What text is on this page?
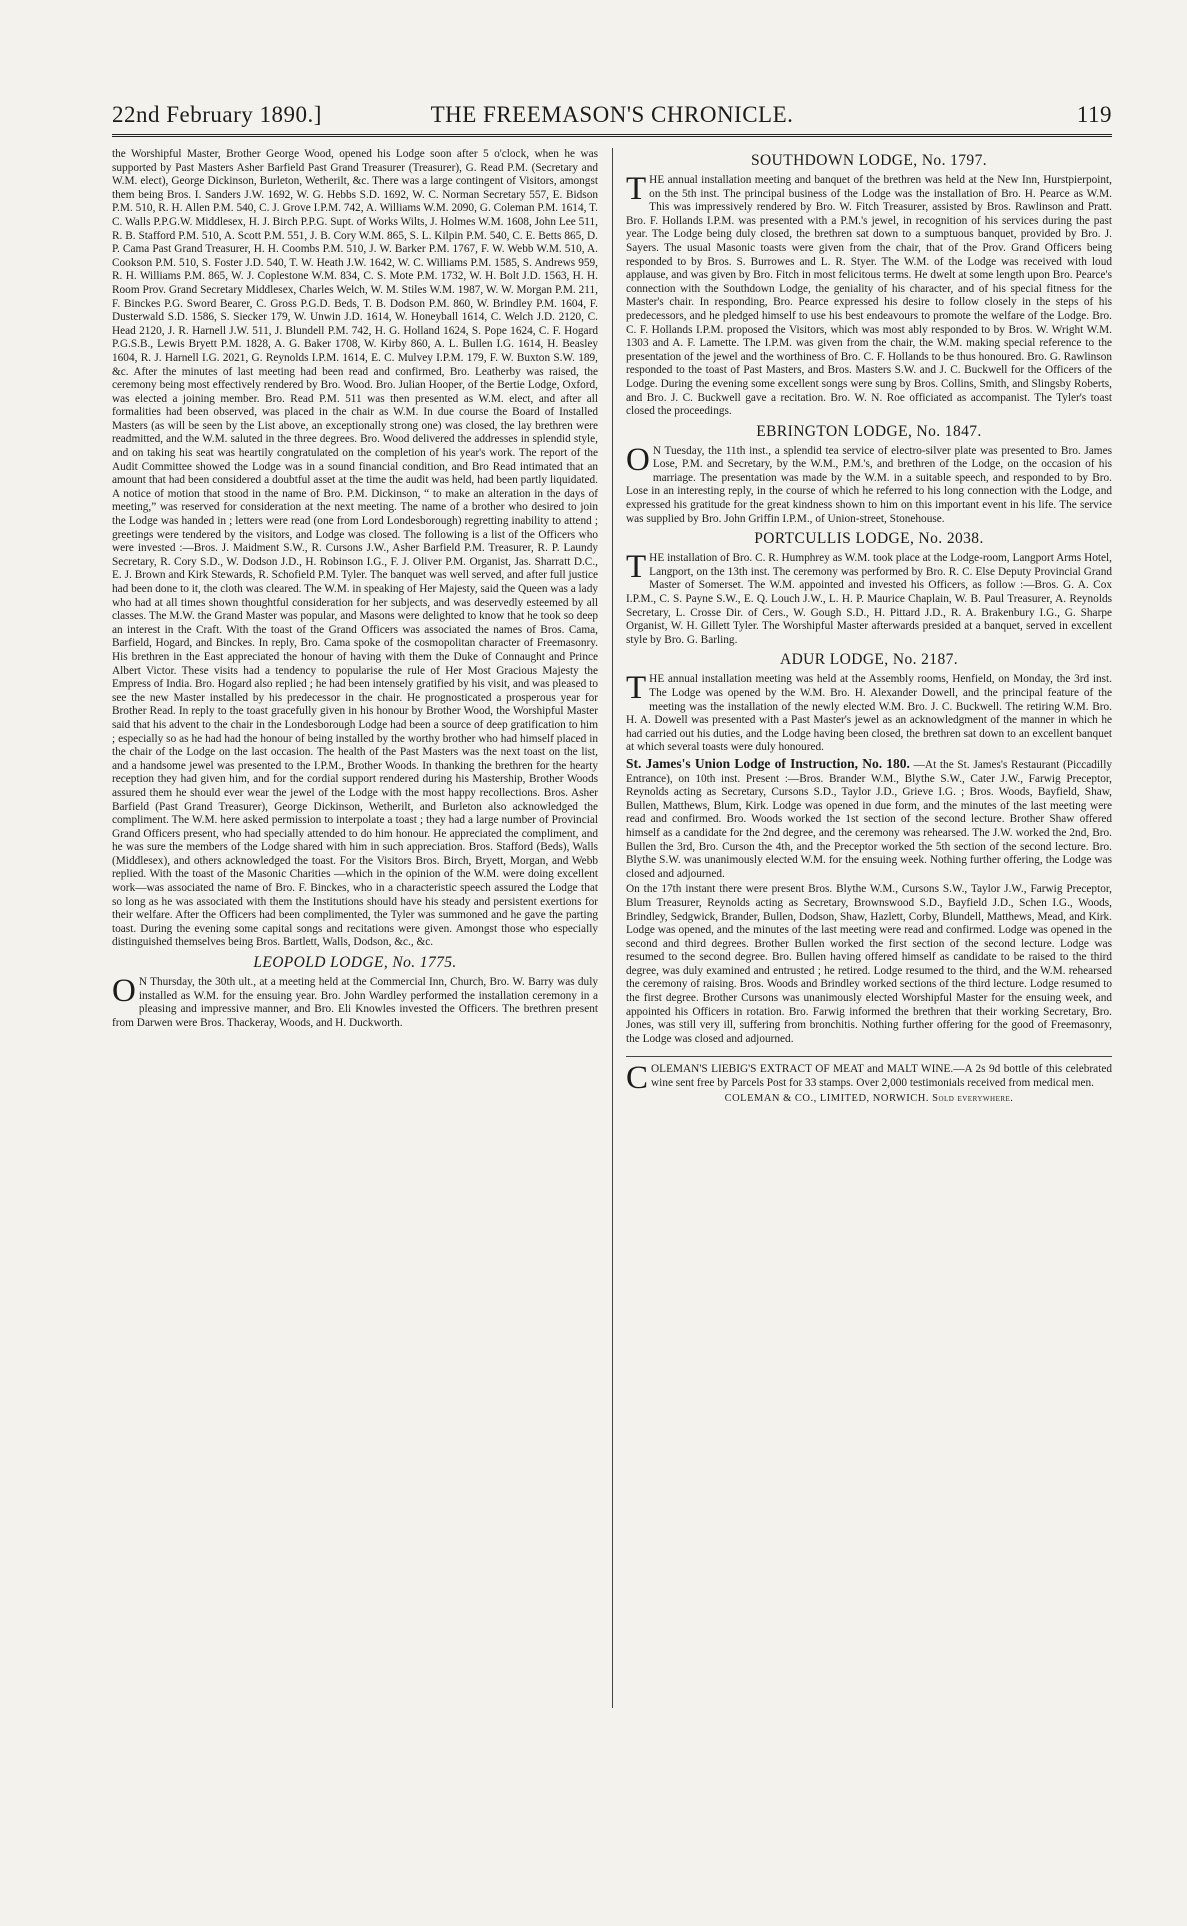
22nd February 1890.]	THE FREEMASON'S CHRONICLE.	119

the Worshipful Master, Brother George Wood, opened his Lodge soon after 5 o'clock, when he was supported by Past Masters Asher Barfield Past Grand Treasurer (Treasurer), G. Read P.M. (Secretary and W.M. elect), George Dickinson, Burleton, Wetherilt, &c. There was a large contingent of Visitors, amongst them being Bros. I. Sanders J.W. 1692, W. G. Hebbs S.D. 1692, W. C. Norman Secretary 557, E. Bidson P.M. 510, R. H. Allen P.M. 540, C. J. Grove I.P.M. 742, A. Williams W.M. 2090, G. Coleman P.M. 1614, T. C. Walls P.P.G.W. Middlesex, H. J. Birch P.P.G. Supt. of Works Wilts, J. Holmes W.M. 1608, John Lee 511, R. B. Stafford P.M. 510, A. Scott P.M. 551, J. B. Cory W.M. 865, S. L. Kilpin P.M. 540, C. E. Betts 865, D. P. Cama Past Grand Treasurer, H. H. Coombs P.M. 510, J. W. Barker P.M. 1767, F. W. Webb W.M. 510, A. Cookson P.M. 510, S. Foster J.D. 540, T. W. Heath J.W. 1642, W. C. Williams P.M. 1585, S. Andrews 959, R. H. Williams P.M. 865, W. J. Coplestone W.M. 834, C. S. Mote P.M. 1732, W. H. Bolt J.D. 1563, H. H. Room Prov. Grand Secretary Middlesex, Charles Welch, W. M. Stiles W.M. 1987, W. W. Morgan P.M. 211, F. Binckes P.G. Sword Bearer, C. Gross P.G.D. Beds, T. B. Dodson P.M. 860, W. Brindley P.M. 1604, F. Dusterwald S.D. 1586, S. Siecker 179, W. Unwin J.D. 1614, W. Honeyball 1614, C. Welch J.D. 2120, C. Head 2120, J. R. Harnell J.W. 511, J. Blundell P.M. 742, H. G. Holland 1624, S. Pope 1624, C. F. Hogard P.G.S.B., Lewis Bryett P.M. 1828, A. G. Baker 1708, W. Kirby 860, A. L. Bullen I.G. 1614, H. Beasley 1604, R. J. Harnell I.G. 2021, G. Reynolds I.P.M. 1614, E. C. Mulvey I.P.M. 179, F. W. Buxton S.W. 189, &c. After the minutes of last meeting had been read and confirmed, Bro. Leatherby was raised, the ceremony being most effectively rendered by Bro. Wood. Bro. Julian Hooper, of the Bertie Lodge, Oxford, was elected a joining member. Bro. Read P.M. 511 was then presented as W.M. elect, and after all formalities had been observed, was placed in the chair as W.M. In due course the Board of Installed Masters (as will be seen by the List above, an exceptionally strong one) was closed, the lay brethren were readmitted, and the W.M. saluted in the three degrees. Bro. Wood delivered the addresses in splendid style, and on taking his seat was heartily congratulated on the completion of his year's work. The report of the Audit Committee showed the Lodge was in a sound financial condition, and Bro Read intimated that an amount that had been considered a doubtful asset at the time the audit was held, had been partly liquidated. A notice of motion that stood in the name of Bro. P.M. Dickinson, “ to make an alteration in the days of meeting,” was reserved for consideration at the next meeting. The name of a brother who desired to join the Lodge was handed in ; letters were read (one from Lord Londesborough) regretting inability to attend ; greetings were tendered by the visitors, and Lodge was closed. The following is a list of the Officers who were invested :—Bros. J. Maidment S.W., R. Cursons J.W., Asher Barfield P.M. Treasurer, R. P. Laundy Secretary, R. Cory S.D., W. Dodson J.D., H. Robinson I.G., F. J. Oliver P.M. Organist, Jas. Sharratt D.C., E. J. Brown and Kirk Stewards, R. Schofield P.M. Tyler. The banquet was well served, and after full justice had been done to it, the cloth was cleared. The W.M. in speaking of Her Majesty, said the Queen was a lady who had at all times shown thoughtful consideration for her subjects, and was deservedly esteemed by all classes. The M.W. the Grand Master was popular, and Masons were delighted to know that he took so deep an interest in the Craft. With the toast of the Grand Officers was associated the names of Bros. Cama, Barfield, Hogard, and Binckes. In reply, Bro. Cama spoke of the cosmopolitan character of Freemasonry. His brethren in the East appreciated the honour of having with them the Duke of Connaught and Prince Albert Victor. These visits had a tendency to popularise the rule of Her Most Gracious Majesty the Empress of India. Bro. Hogard also replied ; he had been intensely gratified by his visit, and was pleased to see the new Master installed by his predecessor in the chair. He prognosticated a prosperous year for Brother Read. In reply to the toast gracefully given in his honour by Brother Wood, the Worshipful Master said that his advent to the chair in the Londesborough Lodge had been a source of deep gratification to him ; especially so as he had had the honour of being installed by the worthy brother who had himself placed in the chair of the Lodge on the last occasion. The health of the Past Masters was the next toast on the list, and a handsome jewel was presented to the I.P.M., Brother Woods. In thanking the brethren for the hearty reception they had given him, and for the cordial support rendered during his Mastership, Brother Woods assured them he should ever wear the jewel of the Lodge with the most happy recollections. Bros. Asher Barfield (Past Grand Treasurer), George Dickinson, Wetherilt, and Burleton also acknowledged the compliment. The W.M. here asked permission to interpolate a toast ; they had a large number of Provincial Grand Officers present, who had specially attended to do him honour. He appreciated the compliment, and he was sure the members of the Lodge shared with him in such appreciation. Bros. Stafford (Beds), Walls (Middlesex), and others acknowledged the toast. For the Visitors Bros. Birch, Bryett, Morgan, and Webb replied. With the toast of the Masonic Charities —which in the opinion of the W.M. were doing excellent work—was associated the name of Bro. F. Binckes, who in a characteristic speech assured the Lodge that so long as he was associated with them the Institutions should have his steady and persistent exertions for their welfare. After the Officers had been complimented, the Tyler was summoned and he gave the parting toast. During the evening some capital songs and recitations were given. Amongst those who especially distinguished themselves being Bros. Bartlett, Walls, Dodson, &c., &c.

LEOPOLD LODGE, No. 1775.

ON Thursday, the 30th ult., at a meeting held at the Commercial Inn, Church, Bro. W. Barry was duly installed as W.M. for the ensuing year. Bro. John Wardley performed the installation ceremony in a pleasing and impressive manner, and Bro. Eli Knowles invested the Officers. The brethren present from Darwen were Bros. Thackeray, Woods, and H. Duckworth.

SOUTHDOWN LODGE, No. 1797.

THE annual installation meeting and banquet of the brethren was held at the New Inn, Hurstpierpoint, on the 5th inst. The principal business of the Lodge was the installation of Bro. H. Pearce as W.M. This was impressively rendered by Bro. W. Fitch Treasurer, assisted by Bros. Rawlinson and Pratt. Bro. F. Hollands I.P.M. was presented with a P.M.'s jewel, in recognition of his services during the past year. The Lodge being duly closed, the brethren sat down to a sumptuous banquet, provided by Bro. J. Sayers. The usual Masonic toasts were given from the chair, that of the Prov. Grand Officers being responded to by Bros. S. Burrowes and L. R. Styer. The W.M. of the Lodge was received with loud applause, and was given by Bro. Fitch in most felicitous terms. He dwelt at some length upon Bro. Pearce's connection with the Southdown Lodge, the geniality of his character, and of his special fitness for the Master's chair. In responding, Bro. Pearce expressed his desire to follow closely in the steps of his predecessors, and he pledged himself to use his best endeavours to promote the welfare of the Lodge. Bro. C. F. Hollands I.P.M. proposed the Visitors, which was most ably responded to by Bros. W. Wright W.M. 1303 and A. F. Lamette. The I.P.M. was given from the chair, the W.M. making special reference to the presentation of the jewel and the worthiness of Bro. C. F. Hollands to be thus honoured. Bro. G. Rawlinson responded to the toast of Past Masters, and Bros. Masters S.W. and J. C. Buckwell for the Officers of the Lodge. During the evening some excellent songs were sung by Bros. Collins, Smith, and Slingsby Roberts, and Bro. J. C. Buckwell gave a recitation. Bro. W. N. Roe officiated as accompanist. The Tyler's toast closed the proceedings.

EBRINGTON LODGE, No. 1847.

ON Tuesday, the 11th inst., a splendid tea service of electro-silver plate was presented to Bro. James Lose, P.M. and Secretary, by the W.M., P.M.'s, and brethren of the Lodge, on the occasion of his marriage. The presentation was made by the W.M. in a suitable speech, and responded to by Bro. Lose in an interesting reply, in the course of which he referred to his long connection with the Lodge, and expressed his gratitude for the great kindness shown to him on this important event in his life. The service was supplied by Bro. John Griffin I.P.M., of Union-street, Stonehouse.

PORTCULLIS LODGE, No. 2038.

THE installation of Bro. C. R. Humphrey as W.M. took place at the Lodge-room, Langport Arms Hotel, Langport, on the 13th inst. The ceremony was performed by Bro. R. C. Else Deputy Provincial Grand Master of Somerset. The W.M. appointed and invested his Officers, as follow :—Bros. G. A. Cox I.P.M., C. S. Payne S.W., E. Q. Louch J.W., L. H. P. Maurice Chaplain, W. B. Paul Treasurer, A. Reynolds Secretary, L. Crosse Dir. of Cers., W. Gough S.D., H. Pittard J.D., R. A. Brakenbury I.G., G. Sharpe Organist, W. H. Gillett Tyler. The Worshipful Master afterwards presided at a banquet, served in excellent style by Bro. G. Barling.

ADUR LODGE, No. 2187.

THE annual installation meeting was held at the Assembly rooms, Henfield, on Monday, the 3rd inst. The Lodge was opened by the W.M. Bro. H. Alexander Dowell, and the principal feature of the meeting was the installation of the newly elected W.M. Bro. J. C. Buckwell. The retiring W.M. Bro. H. A. Dowell was presented with a Past Master's jewel as an acknowledgment of the manner in which he had carried out his duties, and the Lodge having been closed, the brethren sat down to an excellent banquet at which several toasts were duly honoured.

St. James's Union Lodge of Instruction, No. 180. —At the St. James's Restaurant (Piccadilly Entrance), on 10th inst. Present :—Bros. Brander W.M., Blythe S.W., Cater J.W., Farwig Preceptor, Reynolds acting as Secretary, Cursons S.D., Taylor J.D., Grieve I.G. ; Bros. Woods, Bayfield, Shaw, Bullen, Matthews, Blum, Kirk. Lodge was opened in due form, and the minutes of the last meeting were read and confirmed. Bro. Woods worked the 1st section of the second lecture. Brother Shaw offered himself as a candidate for the 2nd degree, and the ceremony was rehearsed. The J.W. worked the 2nd, Bro. Bullen the 3rd, Bro. Curson the 4th, and the Preceptor worked the 5th section of the second lecture. Bro. Blythe S.W. was unanimously elected W.M. for the ensuing week. Nothing further offering, the Lodge was closed and adjourned.

On the 17th instant there were present Bros. Blythe W.M., Cursons S.W., Taylor J.W., Farwig Preceptor, Blum Treasurer, Reynolds acting as Secretary, Brownswood S.D., Bayfield J.D., Schen I.G., Woods, Brindley, Sedgwick, Brander, Bullen, Dodson, Shaw, Hazlett, Corby, Blundell, Matthews, Mead, and Kirk. Lodge was opened, and the minutes of the last meeting were read and confirmed. Lodge was opened in the second and third degrees. Brother Bullen worked the first section of the second lecture. Lodge was resumed to the second degree. Bro. Bullen having offered himself as candidate to be raised to the third degree, was duly examined and entrusted ; he retired. Lodge resumed to the third, and the W.M. rehearsed the ceremony of raising. Bros. Woods and Brindley worked sections of the third lecture. Lodge resumed to the first degree. Brother Cursons was unanimously elected Worshipful Master for the ensuing week, and appointed his Officers in rotation. Bro. Farwig informed the brethren that their working Secretary, Bro. Jones, was still very ill, suffering from bronchitis. Nothing further offering for the good of Freemasonry, the Lodge was closed and adjourned.

COLEMAN'S LIEBIG'S EXTRACT OF MEAT and MALT WINE.—A 2s 9d bottle of this celebrated wine sent free by Parcels Post for 33 stamps. Over 2,000 testimonials received from medical men.

COLEMAN & CO., LIMITED, NORWICH. Sold everywhere.
